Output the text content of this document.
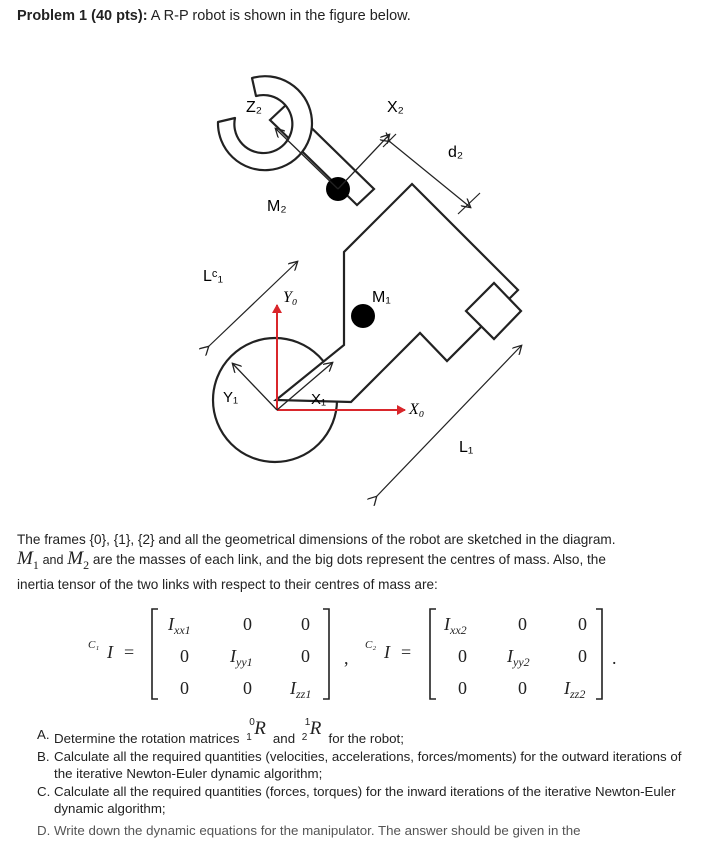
Problem 1 (40 pts): A R-P robot is shown in the figure below.
Z₂	X₂
d₂
M₂
Lᶜ₁
Y₀	M₁
Y₁	X₁
X₀
L₁
The frames {0}, {1}, {2} and all the geometrical dimensions of the robot are sketched in the diagram.
$M_1$ and $M_2$ are the masses of each link, and the big dots represent the centres of mass. Also, the
inertia tensor of the two links with respect to their centres of mass are:
C₁ I =
$I_{xx1}$	0	0
0 $I_{yy1}$	0
0	0 $I_{zz1}$
,
C₂ I =
$I_{xx2}$	0	0
0 $I_{yy2}$	0
0	0 $I_{zz2}$
.
A. Determine the rotation matrices
0
1 R and
1
2 R for the robot;
B. Calculate all the required quantities (velocities, accelerations, forces/moments) for the outward iterations of the iterative Newton-Euler dynamic algorithm;
C. Calculate all the required quantities (forces, torques) for the inward iterations of the iterative Newton-Euler dynamic algorithm;
D. Write down the dynamic equations for the manipulator. The answer should be given in the
